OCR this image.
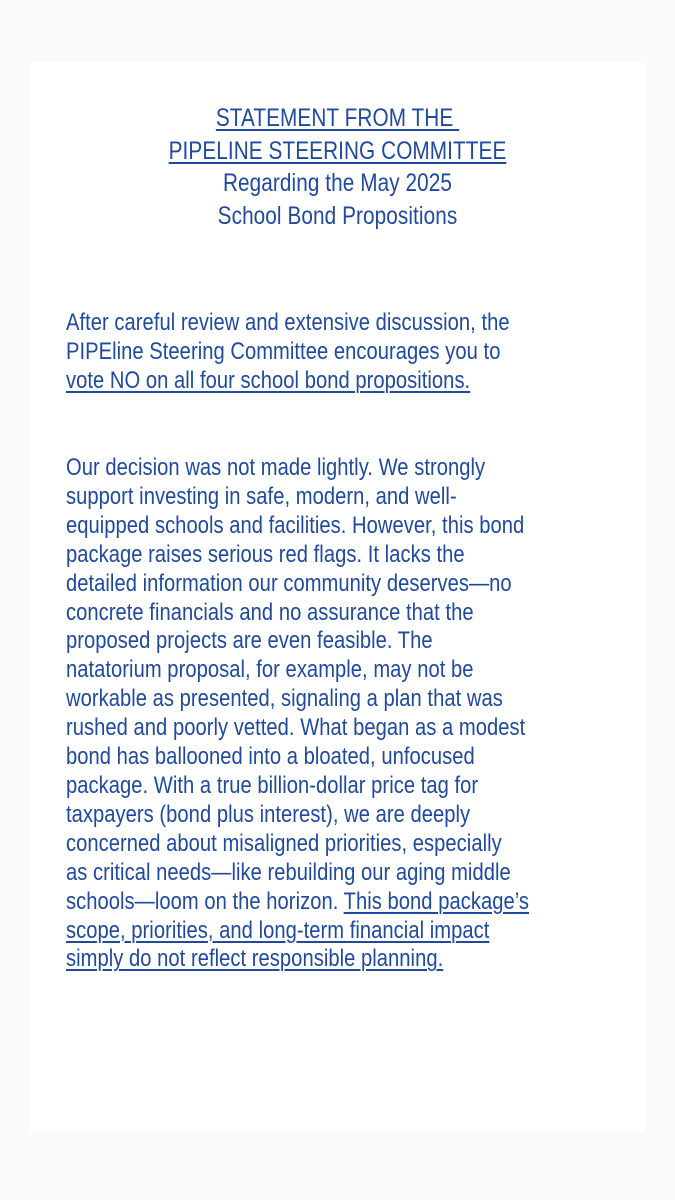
STATEMENT FROM THE
PIPELINE STEERING COMMITTEE
Regarding the May 2025
School Bond Propositions
After careful review and extensive discussion, the
PIPEline Steering Committee encourages you to
vote NO on all four school bond propositions.
Our decision was not made lightly. We strongly
support investing in safe, modern, and well-
equipped schools and facilities. However, this bond
package raises serious red flags. It lacks the
detailed information our community deserves—no
concrete financials and no assurance that the
proposed projects are even feasible. The
natatorium proposal, for example, may not be
workable as presented, signaling a plan that was
rushed and poorly vetted. What began as a modest
bond has ballooned into a bloated, unfocused
package. With a true billion-dollar price tag for
taxpayers (bond plus interest), we are deeply
concerned about misaligned priorities, especially
as critical needs—like rebuilding our aging middle
schools—loom on the horizon. This bond package’s
scope, priorities, and long-term financial impact
simply do not reflect responsible planning.
